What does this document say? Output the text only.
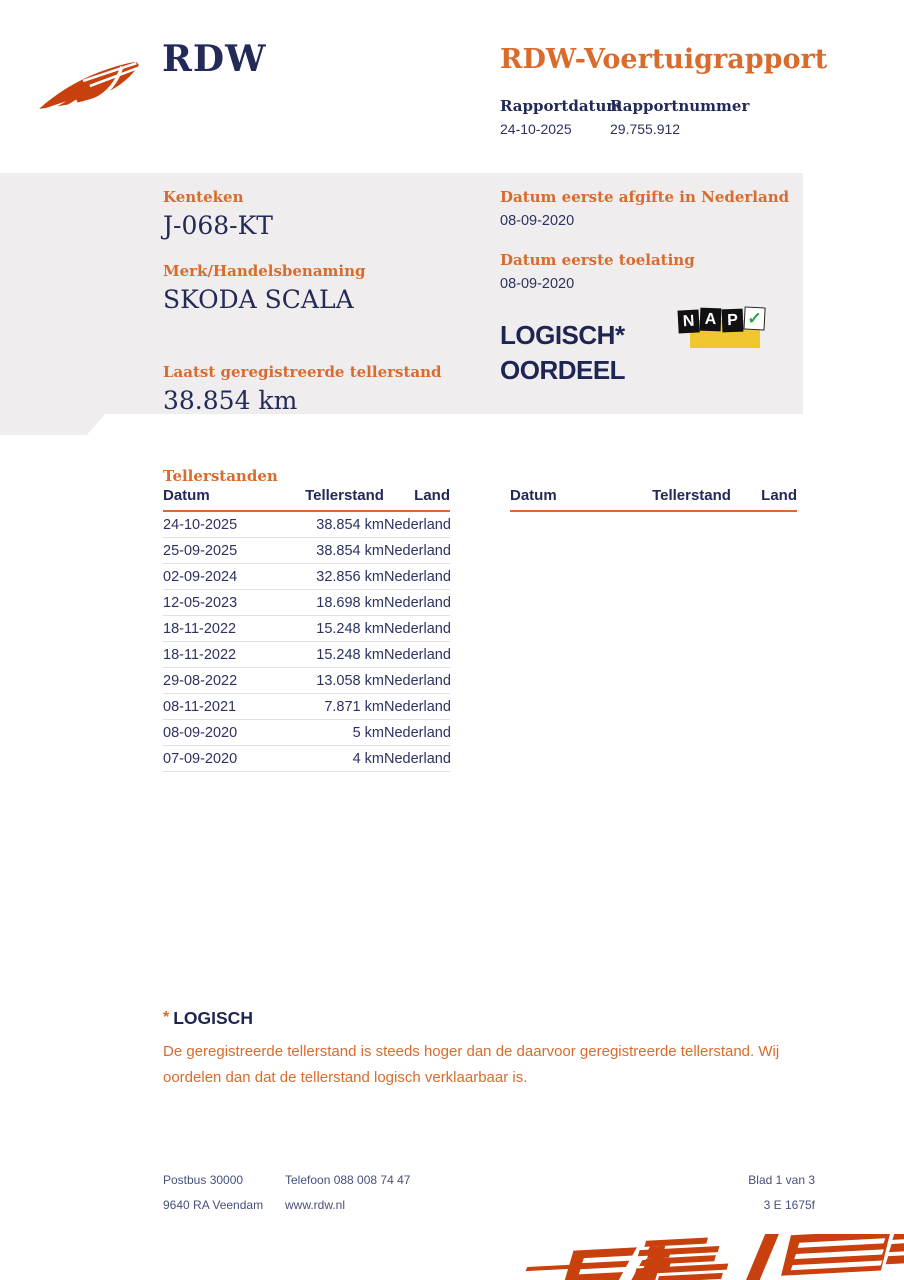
RDW	RDW-Voertuigrapport
Rapportdatum
24-10-2025
Rapportnummer
29.755.912
Kenteken
J-068-KT
Merk/Handelsbenaming
SKODA SCALA
Laatst geregistreerde tellerstand
38.854 km
Datum eerste afgifte in Nederland
08-09-2020
Datum eerste toelating
08-09-2020
LOGISCH*
OORDEEL
N A P ✓
Tellerstanden
Datum	Tellerstand	Land
24-10-2025	38.854 km	Nederland
25-09-2025	38.854 km	Nederland
02-09-2024	32.856 km	Nederland
12-05-2023	18.698 km	Nederland
18-11-2022	15.248 km	Nederland
18-11-2022	15.248 km	Nederland
29-08-2022	13.058 km	Nederland
08-11-2021	7.871 km	Nederland
08-09-2020	5 km	Nederland
07-09-2020	4 km	Nederland
Datum	Tellerstand	Land
* LOGISCH
De geregistreerde tellerstand is steeds hoger dan de daarvoor geregistreerde tellerstand. Wij oordelen dan dat de tellerstand logisch verklaarbaar is.
Postbus 30000
9640 RA Veendam
Telefoon 088 008 74 47
www.rdw.nl
Blad 1 van 3
3 E 1675f
